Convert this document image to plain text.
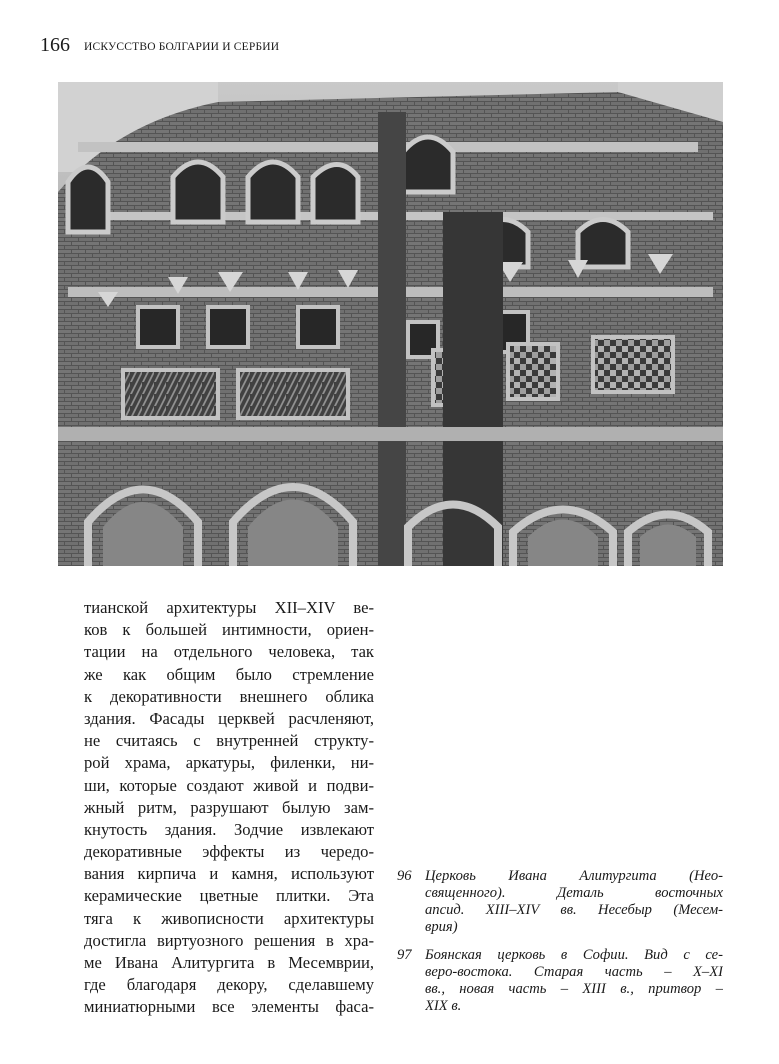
166 ИСКУССТВО БОЛГАРИИ И СЕРБИИ
тианской архитектуры XII–XIV ве-
ков к большей интимности, ориен-
тации на отдельного человека, так
же как общим было стремление
к декоративности внешнего облика
здания. Фасады церквей расчленяют,
не считаясь с внутренней структу-
рой храма, аркатуры, филенки, ни-
ши, которые создают живой и подви-
жный ритм, разрушают былую зам-
кнутость здания. Зодчие извлекают
декоративные эффекты из чередо-
вания кирпича и камня, используют
керамические цветные плитки. Эта
тяга к живописности архитектуры
достигла виртуозного решения в хра-
ме Ивана Алитургита в Месемврии,
где благодаря декору, сделавшему
миниатюрными все элементы фаса-
96 Церковь Ивана Алитургита (Нео-
священного). Деталь восточных
апсид. XIII–XIV вв. Несебыр (Месем-
врия)
97 Боянская церковь в Софии. Вид с се-
веро-востока. Старая часть – X–XI
вв., новая часть – XIII в., притвор –
XIX в.
